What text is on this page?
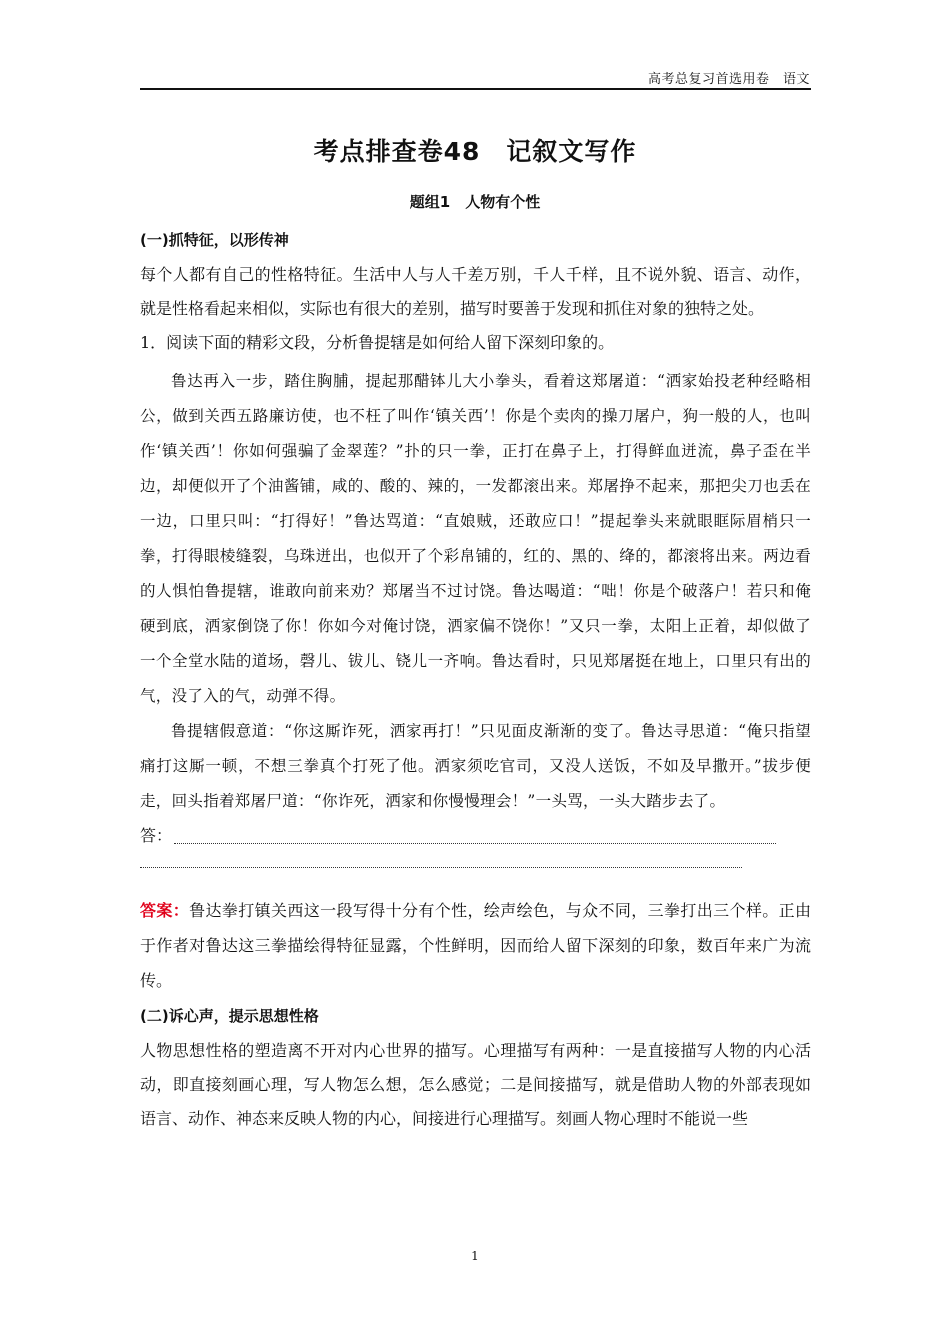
高考总复习首选用卷　语文
考点排查卷48　记叙文写作
题组1　人物有个性
(一)抓特征，以形传神

每个人都有自己的性格特征。生活中人与人千差万别，千人千样，且不说外貌、语言、动作，就是性格看起来相似，实际也有很大的差别，描写时要善于发现和抓住对象的独特之处。

1．阅读下面的精彩文段，分析鲁提辖是如何给人留下深刻印象的。

鲁达再入一步，踏住胸脯，提起那醋钵儿大小拳头，看着这郑屠道：“洒家始投老种经略相公，做到关西五路廉访使，也不枉了叫作‘镇关西’！你是个卖肉的操刀屠户，狗一般的人，也叫作‘镇关西’！你如何强骗了金翠莲？”扑的只一拳，正打在鼻子上，打得鲜血迸流，鼻子歪在半边，却便似开了个油酱铺，咸的、酸的、辣的，一发都滚出来。郑屠挣不起来，那把尖刀也丢在一边，口里只叫：“打得好！”鲁达骂道：“直娘贼，还敢应口！”提起拳头来就眼眶际眉梢只一拳，打得眼棱缝裂，乌珠迸出，也似开了个彩帛铺的，红的、黑的、绛的，都滚将出来。两边看的人惧怕鲁提辖，谁敢向前来劝？郑屠当不过讨饶。鲁达喝道：“咄！你是个破落户！若只和俺硬到底，洒家倒饶了你！你如今对俺讨饶，洒家偏不饶你！”又只一拳，太阳上正着，却似做了一个全堂水陆的道场，磬儿、钹儿、铙儿一齐响。鲁达看时，只见郑屠挺在地上，口里只有出的气，没了入的气，动弹不得。

鲁提辖假意道：“你这厮诈死，洒家再打！”只见面皮渐渐的变了。鲁达寻思道：“俺只指望痛打这厮一顿，不想三拳真个打死了他。洒家须吃官司，又没人送饭，不如及早撒开。”拔步便走，回头指着郑屠尸道：“你诈死，洒家和你慢慢理会！”一头骂，一头大踏步去了。

答：

答案：鲁达拳打镇关西这一段写得十分有个性，绘声绘色，与众不同，三拳打出三个样。正由于作者对鲁达这三拳描绘得特征显露，个性鲜明，因而给人留下深刻的印象，数百年来广为流传。

(二)诉心声，提示思想性格

人物思想性格的塑造离不开对内心世界的描写。心理描写有两种：一是直接描写人物的内心活动，即直接刻画心理，写人物怎么想，怎么感觉；二是间接描写，就是借助人物的外部表现如语言、动作、神态来反映人物的内心，间接进行心理描写。刻画人物心理时不能说一些

1
